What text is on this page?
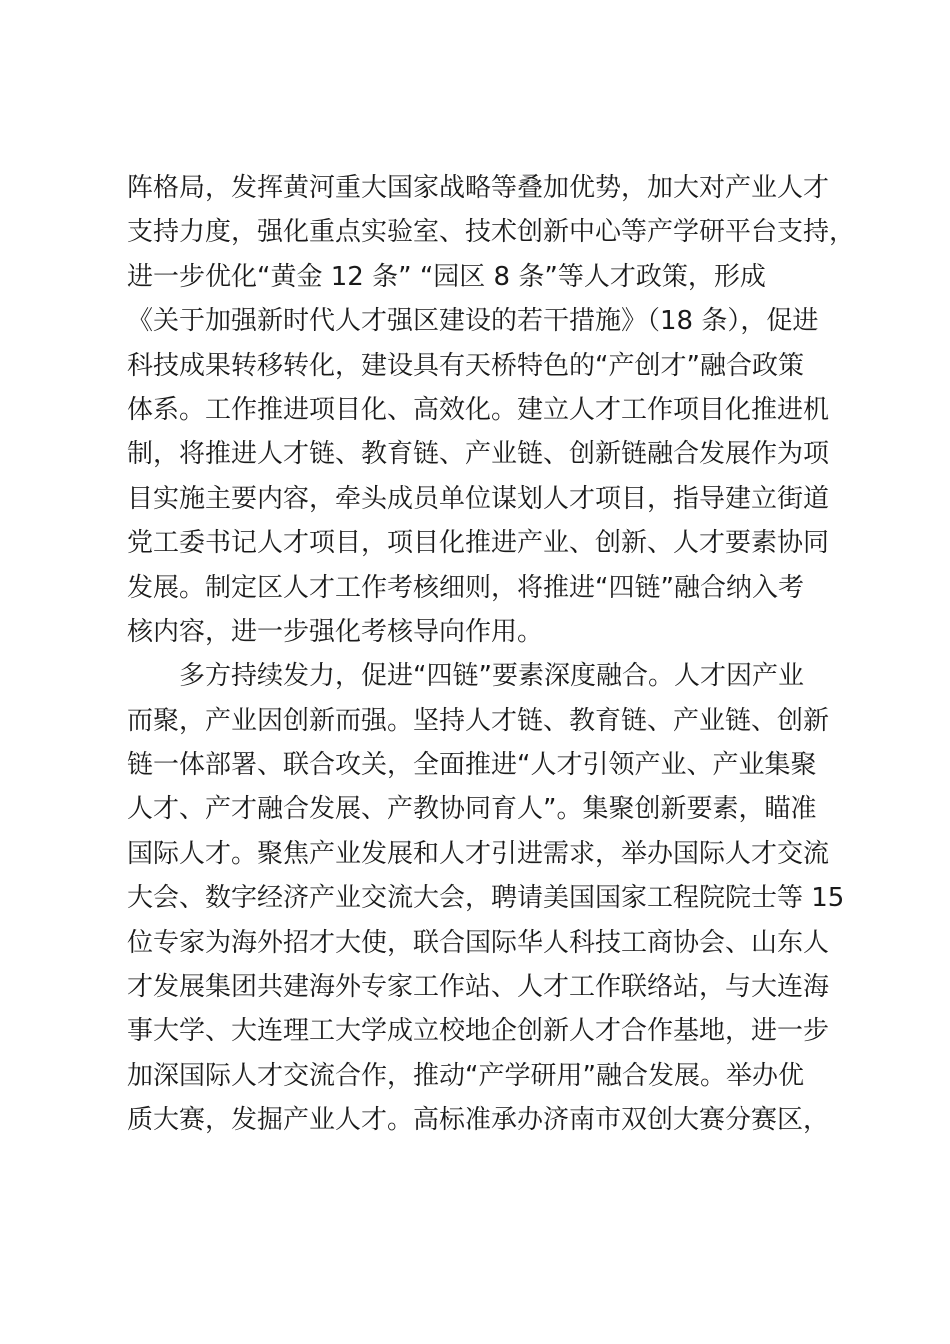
阵格局，发挥黄河重大国家战略等叠加优势，加大对产业人才
支持力度，强化重点实验室、技术创新中心等产学研平台支持，
进一步优化“黄金 12 条” “园区 8 条”等人才政策，形成
《关于加强新时代人才强区建设的若干措施》（18 条），促进
科技成果转移转化，建设具有天桥特色的“产创才”融合政策
体系。工作推进项目化、高效化。建立人才工作项目化推进机
制，将推进人才链、教育链、产业链、创新链融合发展作为项
目实施主要内容，牵头成员单位谋划人才项目，指导建立街道
党工委书记人才项目，项目化推进产业、创新、人才要素协同
发展。制定区人才工作考核细则，将推进“四链”融合纳入考
核内容，进一步强化考核导向作用。
多方持续发力，促进“四链”要素深度融合。人才因产业
而聚，产业因创新而强。坚持人才链、教育链、产业链、创新
链一体部署、联合攻关，全面推进“人才引领产业、产业集聚
人才、产才融合发展、产教协同育人”。集聚创新要素，瞄准
国际人才。聚焦产业发展和人才引进需求，举办国际人才交流
大会、数字经济产业交流大会，聘请美国国家工程院院士等 15
位专家为海外招才大使，联合国际华人科技工商协会、山东人
才发展集团共建海外专家工作站、人才工作联络站，与大连海
事大学、大连理工大学成立校地企创新人才合作基地，进一步
加深国际人才交流合作，推动“产学研用”融合发展。举办优
质大赛，发掘产业人才。高标准承办济南市双创大赛分赛区，
